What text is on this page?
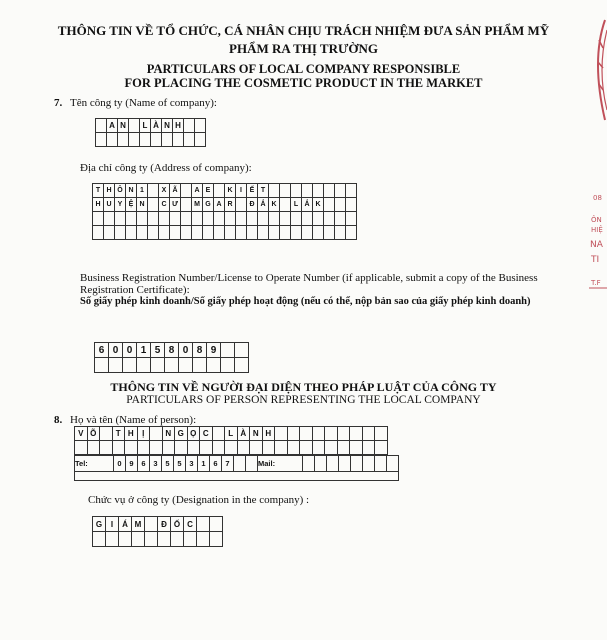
THÔNG TIN VỀ TỔ CHỨC, CÁ NHÂN CHỊU TRÁCH NHIỆM ĐƯA SẢN PHẨM MỸ
PHẨM RA THỊ TRƯỜNG
PARTICULARS OF LOCAL COMPANY RESPONSIBLE
FOR PLACING THE COSMETIC PRODUCT IN THE MARKET
7. Tên công ty (Name of company):
	A	N		L	À	N	H		

Địa chỉ công ty (Address of company):
T	H	Ô	N	1		X	Ã		A	E		K	I	Ế	T								
H	U	Y	Ệ	N		C	Ư		M	G	A	R		Đ	Ắ	K		L	Ắ	K			

Business Registration Number/License to Operate Number (if applicable, submit a copy of the Business Registration Certificate):
Số giấy phép kinh doanh/Số giấy phép hoạt động (nếu có thể, nộp bản sao của giấy phép kinh doanh)
6	0	0	1	5	8	0	8	9		

THÔNG TIN VỀ NGƯỜI ĐẠI DIỆN THEO PHÁP LUẬT CỦA CÔNG TY
PARTICULARS OF PERSON REPRESENTING THE LOCAL COMPANY
8. Họ và tên (Name of person):
V	Õ		T	H	Ị		N	G	Ọ	C		L	À	N	H									

Tel:	0	9	6	3	5	5	3	1	6	7			Mail:								

Chức vụ ở công ty (Designation in the company) :
G	I	Á	M		Đ	Ố	C		

08
ÔN
HIỆ
NA
TI
T.F
